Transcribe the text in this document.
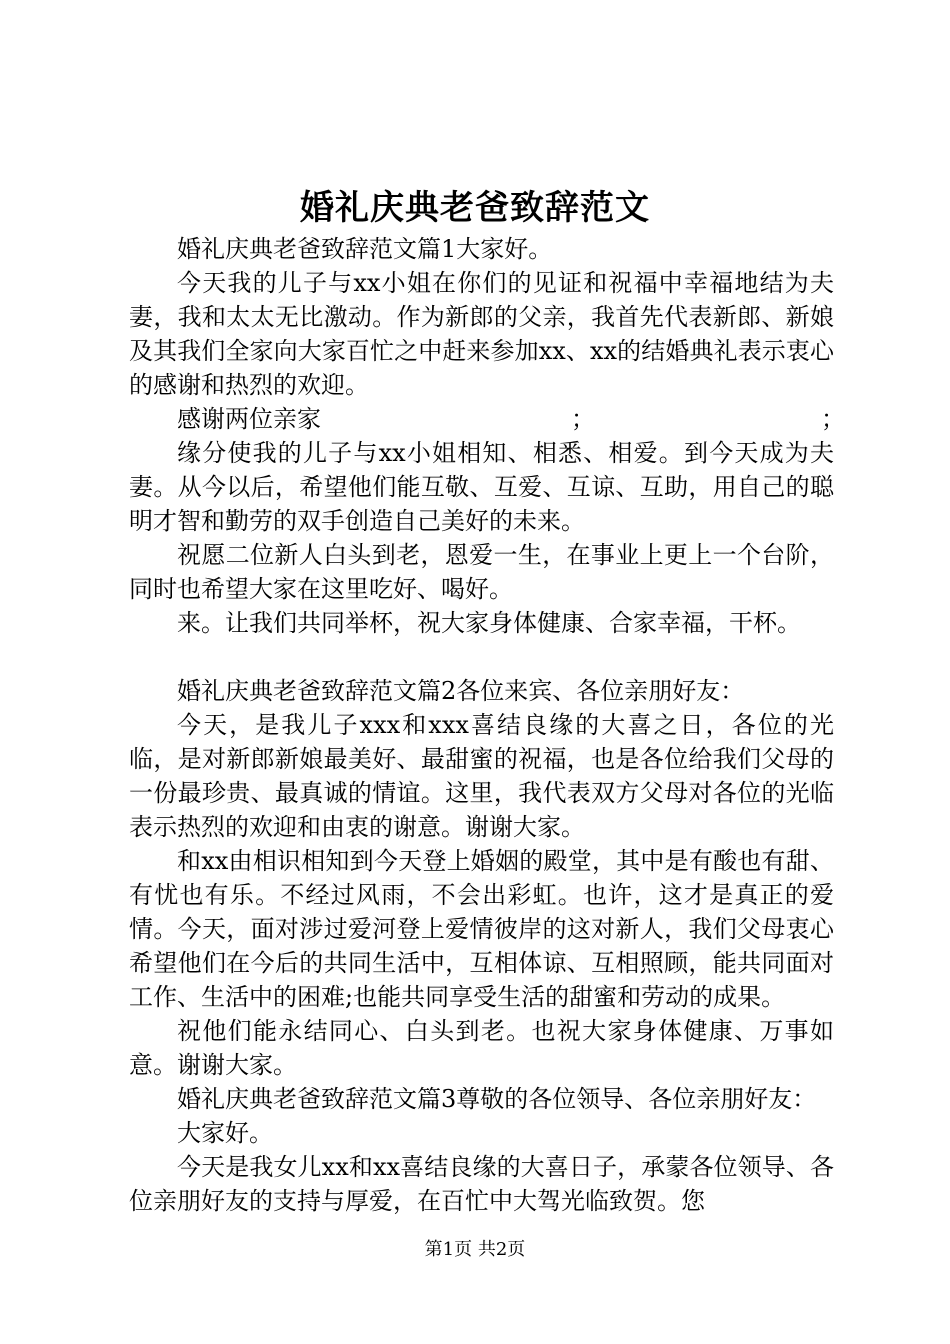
婚礼庆典老爸致辞范文

婚礼庆典老爸致辞范文篇1大家好。

今天我的儿子与xx小姐在你们的见证和祝福中幸福地结为夫妻，我和太太无比激动。作为新郎的父亲，我首先代表新郎、新娘及其我们全家向大家百忙之中赶来参加xx、xx的结婚典礼表示衷心的感谢和热烈的欢迎。

感谢两位亲家	；	；

缘分使我的儿子与xx小姐相知、相悉、相爱。到今天成为夫妻。从今以后，希望他们能互敬、互爱、互谅、互助，用自己的聪明才智和勤劳的双手创造自己美好的未来。

祝愿二位新人白头到老，恩爱一生，在事业上更上一个台阶，同时也希望大家在这里吃好、喝好。

来。让我们共同举杯，祝大家身体健康、合家幸福，干杯。

婚礼庆典老爸致辞范文篇2各位来宾、各位亲朋好友：

今天，是我儿子xxx和xxx喜结良缘的大喜之日，各位的光临，是对新郎新娘最美好、最甜蜜的祝福，也是各位给我们父母的一份最珍贵、最真诚的情谊。这里，我代表双方父母对各位的光临表示热烈的欢迎和由衷的谢意。谢谢大家。

和xx由相识相知到今天登上婚姻的殿堂，其中是有酸也有甜、有忧也有乐。不经过风雨，不会出彩虹。也许，这才是真正的爱情。今天，面对涉过爱河登上爱情彼岸的这对新人，我们父母衷心希望他们在今后的共同生活中，互相体谅、互相照顾，能共同面对工作、生活中的困难;也能共同享受生活的甜蜜和劳动的成果。

祝他们能永结同心、白头到老。也祝大家身体健康、万事如意。谢谢大家。

婚礼庆典老爸致辞范文篇3尊敬的各位领导、各位亲朋好友：

大家好。

今天是我女儿xx和xx喜结良缘的大喜日子，承蒙各位领导、各位亲朋好友的支持与厚爱，在百忙中大驾光临致贺。您

第1页 共2页
